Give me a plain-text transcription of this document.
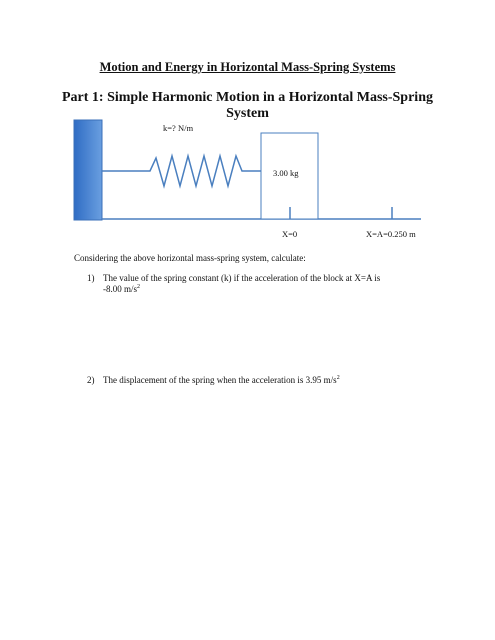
Motion and Energy in Horizontal Mass-Spring Systems
Part 1: Simple Harmonic Motion in a Horizontal Mass-Spring System
k=? N/m
3.00 kg
X=0	X=A=0.250 m
Considering the above horizontal mass-spring system, calculate:
1) The value of the spring constant (k) if the acceleration of the block at X=A is
-8.00 $m/s^2$
2) The displacement of the spring when the acceleration is 3.95 $m/s^2$
